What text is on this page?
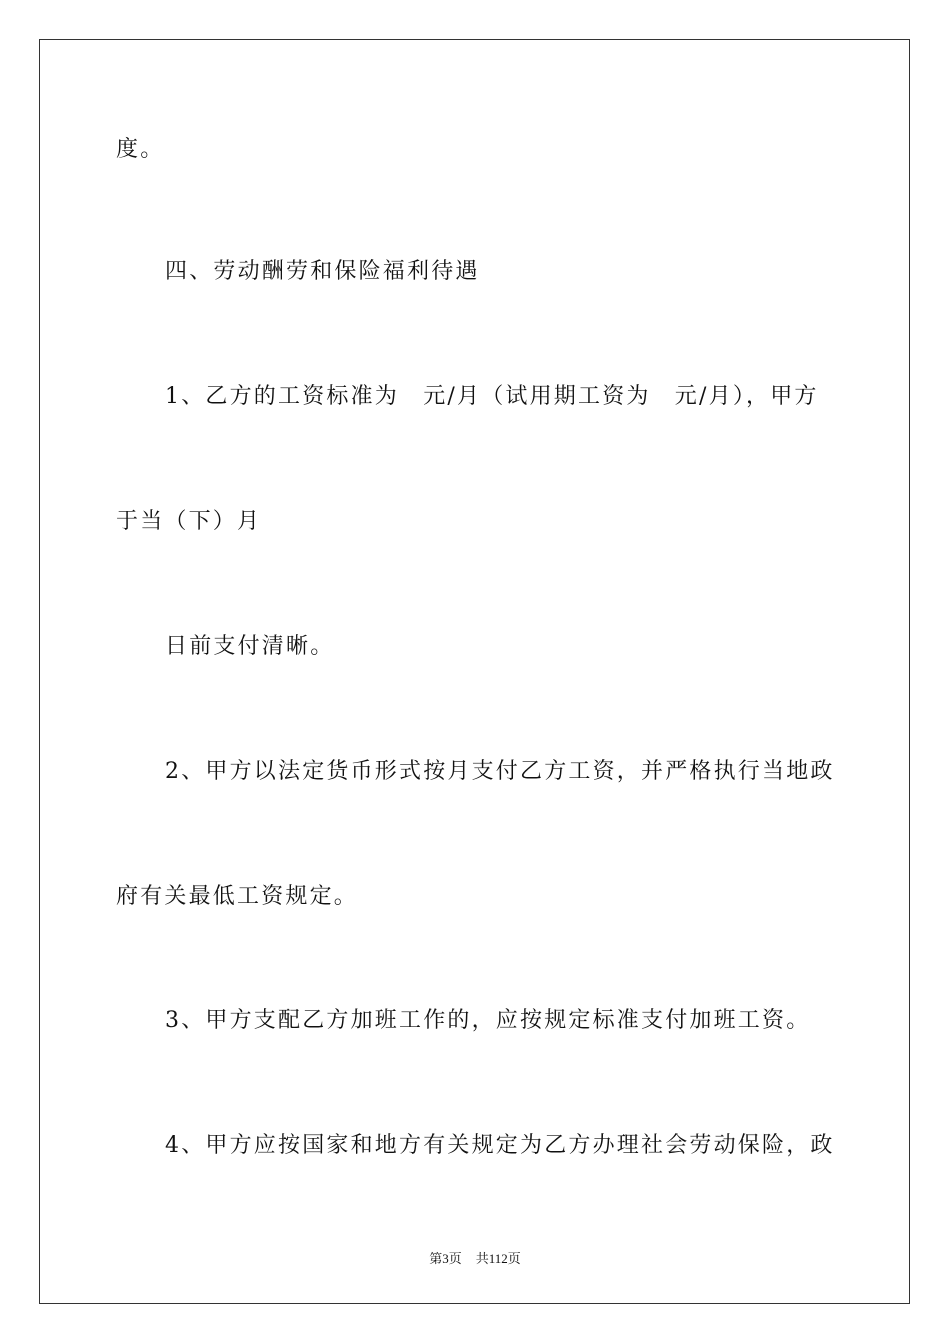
度。
四、劳动酬劳和保险福利待遇
1、乙方的工资标准为　元/月（试用期工资为　元/月），甲方
于当（下）月
日前支付清晰。
2、甲方以法定货币形式按月支付乙方工资，并严格执行当地政
府有关最低工资规定。
3、甲方支配乙方加班工作的，应按规定标准支付加班工资。
4、甲方应按国家和地方有关规定为乙方办理社会劳动保险，政
第3页 共112页
